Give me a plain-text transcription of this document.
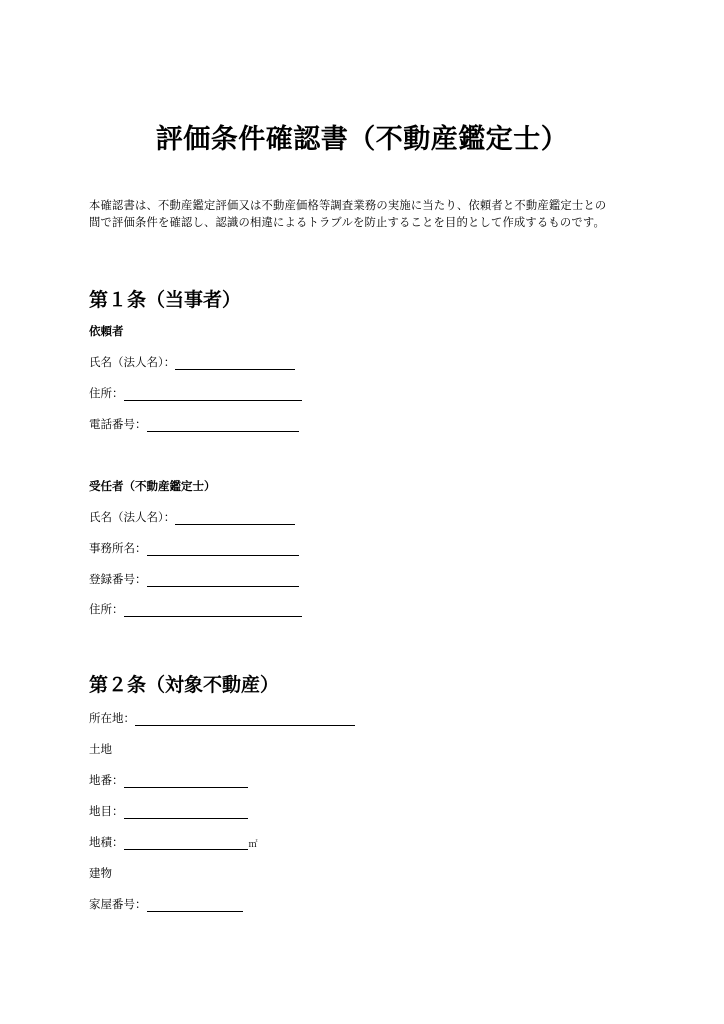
評価条件確認書（不動産鑑定士）

本確認書は、不動産鑑定評価又は不動産価格等調査業務の実施に当たり、依頼者と不動産鑑定士との

間で評価条件を確認し、認識の相違によるトラブルを防止することを目的として作成するものです。

第１条（当事者）
依頼者
氏名（法人名）：
住所：
電話番号：
受任者（不動産鑑定士）
氏名（法人名）：
事務所名：
登録番号：
住所：
第２条（対象不動産）
所在地：
土地
地番：
地目：
地積：	㎡
建物
家屋番号：
